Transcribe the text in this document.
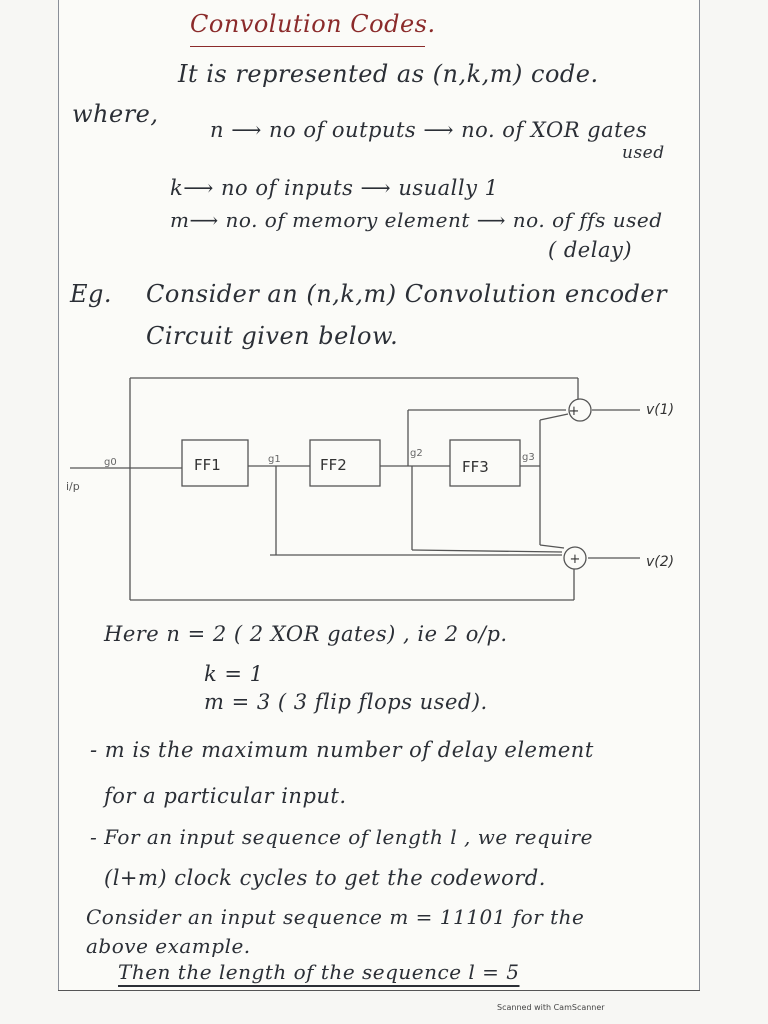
Convolution Codes.
It is represented as (n,k,m) code.
where,
n ⟶ no of outputs ⟶ no. of XOR gates
used
k⟶ no of inputs ⟶ usually 1
m⟶ no. of memory element ⟶ no. of ffs used
( delay)
Eg. Consider an (n,k,m) Convolution encoder
Circuit given below.
FF1	FF2	FF3
g0	g1
g2	g3
i/p
+
+
v(1)
v(2)
Here n = 2 ( 2 XOR gates) , ie 2 o/p.
k = 1
m = 3 ( 3 flip flops used).
- m is the maximum number of delay element
for a particular input.
- For an input sequence of length l , we require
(l+m) clock cycles to get the codeword.
Consider an input sequence m = 11101 for the
above example.
Then the length of the sequence l = 5
Scanned with CamScanner
